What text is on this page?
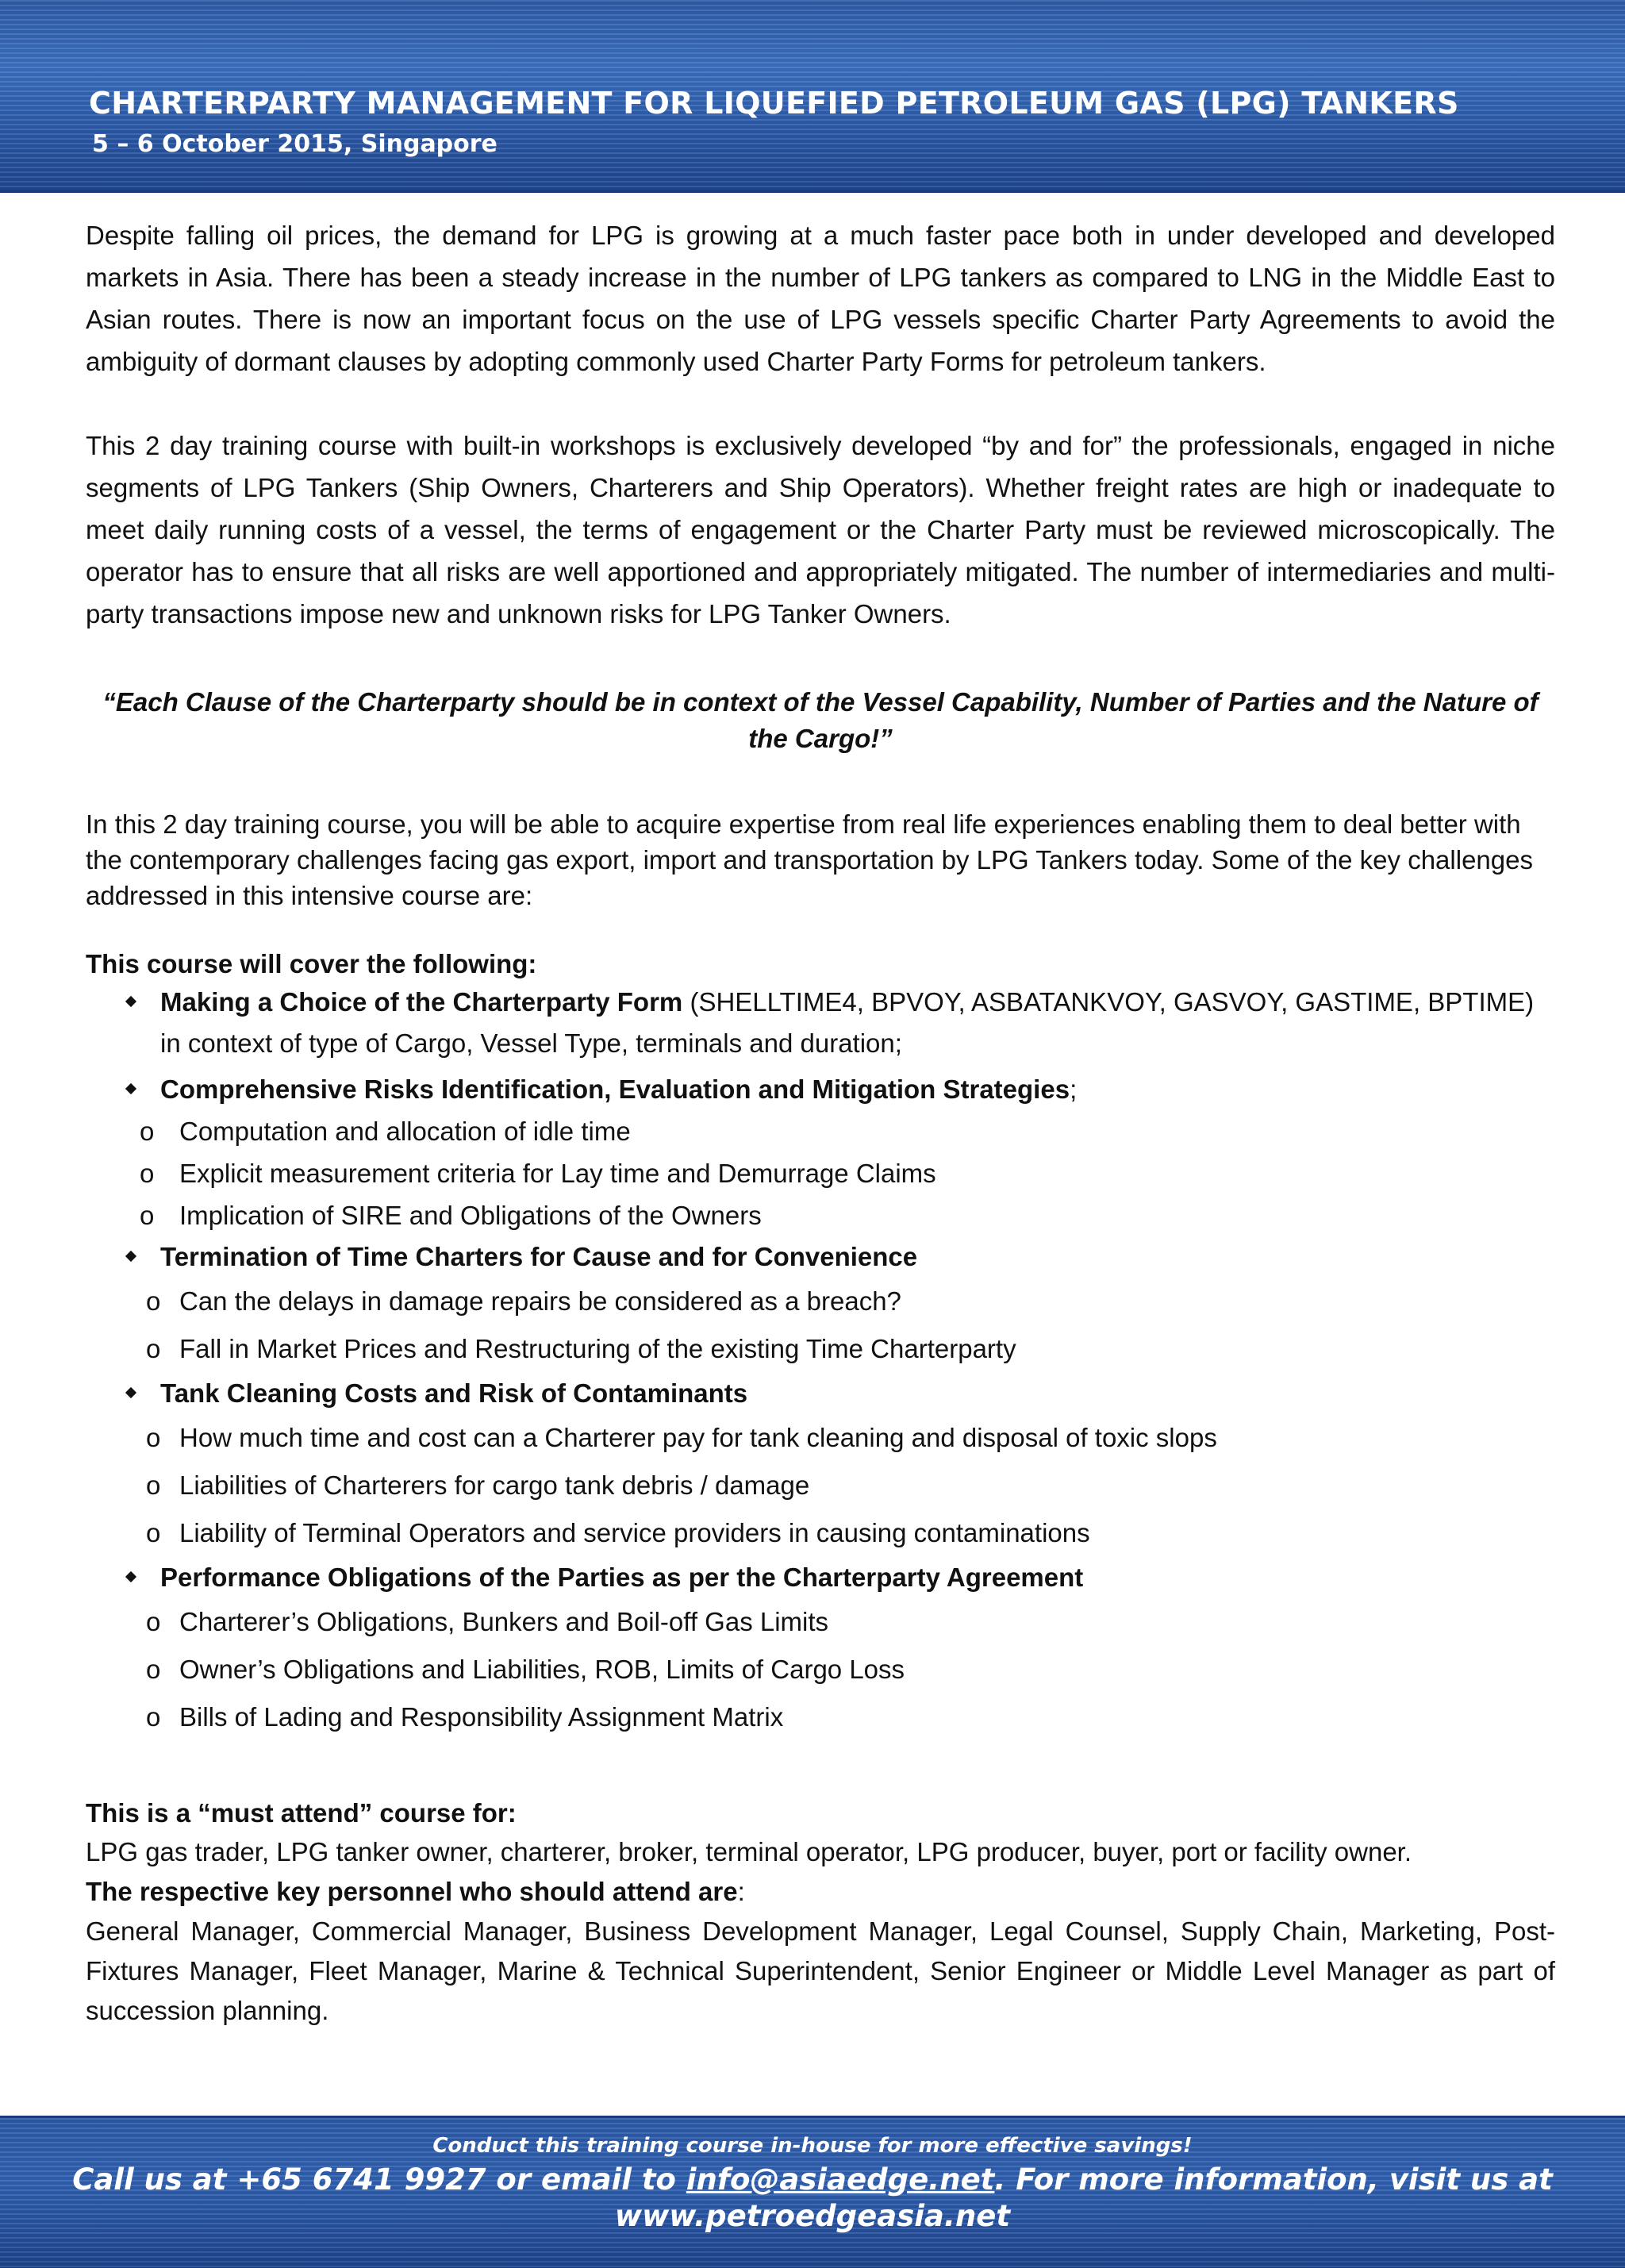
CHARTERPARTY MANAGEMENT FOR LIQUEFIED PETROLEUM GAS (LPG) TANKERS
5 – 6 October 2015, Singapore

Despite falling oil prices, the demand for LPG is growing at a much faster pace both in under developed and developed markets in Asia. There has been a steady increase in the number of LPG tankers as compared to LNG in the Middle East to Asian routes. There is now an important focus on the use of LPG vessels specific Charter Party Agreements to avoid the ambiguity of dormant clauses by adopting commonly used Charter Party Forms for petroleum tankers.

This 2 day training course with built-in workshops is exclusively developed “by and for” the professionals, engaged in niche segments of LPG Tankers (Ship Owners, Charterers and Ship Operators). Whether freight rates are high or inadequate to meet daily running costs of a vessel, the terms of engagement or the Charter Party must be reviewed microscopically. The operator has to ensure that all risks are well apportioned and appropriately mitigated. The number of intermediaries and multi-party transactions impose new and unknown risks for LPG Tanker Owners.

“Each Clause of the Charterparty should be in context of the Vessel Capability, Number of Parties and the Nature of the Cargo!”

In this 2 day training course, you will be able to acquire expertise from real life experiences enabling them to deal better with the contemporary challenges facing gas export, import and transportation by LPG Tankers today. Some of the key challenges addressed in this intensive course are:

This course will cover the following:

Making a Choice of the Charterparty Form (SHELLTIME4, BPVOY, ASBATANKVOY, GASVOY, GASTIME, BPTIME) in context of type of Cargo, Vessel Type, terminals and duration;
Comprehensive Risks Identification, Evaluation and Mitigation Strategies;
o Computation and allocation of idle time
o Explicit measurement criteria for Lay time and Demurrage Claims
o Implication of SIRE and Obligations of the Owners
Termination of Time Charters for Cause and for Convenience
o Can the delays in damage repairs be considered as a breach?
o Fall in Market Prices and Restructuring of the existing Time Charterparty
Tank Cleaning Costs and Risk of Contaminants
o How much time and cost can a Charterer pay for tank cleaning and disposal of toxic slops
o Liabilities of Charterers for cargo tank debris / damage
o Liability of Terminal Operators and service providers in causing contaminations
Performance Obligations of the Parties as per the Charterparty Agreement
o Charterer’s Obligations, Bunkers and Boil-off Gas Limits
o Owner’s Obligations and Liabilities, ROB, Limits of Cargo Loss
o Bills of Lading and Responsibility Assignment Matrix

This is a “must attend” course for:

LPG gas trader, LPG tanker owner, charterer, broker, terminal operator, LPG producer, buyer, port or facility owner.

The respective key personnel who should attend are:

General Manager, Commercial Manager, Business Development Manager, Legal Counsel, Supply Chain, Marketing, Post-Fixtures Manager, Fleet Manager, Marine & Technical Superintendent, Senior Engineer or Middle Level Manager as part of succession planning.

Conduct this training course in-house for more effective savings!
Call us at +65 6741 9927 or email to info@asiaedge.net. For more information, visit us at
www.petroedgeasia.net
